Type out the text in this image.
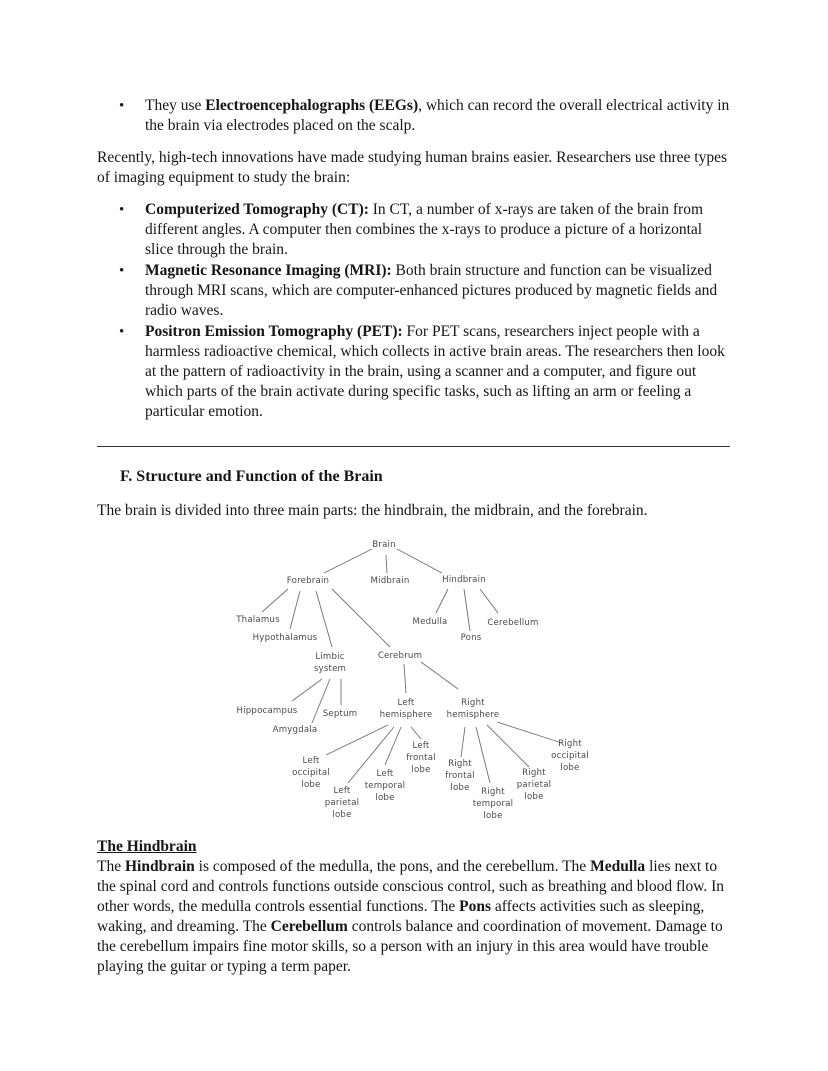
• They use Electroencephalographs (EEGs), which can record the overall electrical activity in the brain via electrodes placed on the scalp.

Recently, high-tech innovations have made studying human brains easier. Researchers use three types of imaging equipment to study the brain:

• Computerized Tomography (CT): In CT, a number of x-rays are taken of the brain from different angles. A computer then combines the x-rays to produce a picture of a horizontal slice through the brain.
• Magnetic Resonance Imaging (MRI): Both brain structure and function can be visualized through MRI scans, which are computer-enhanced pictures produced by magnetic fields and radio waves.
• Positron Emission Tomography (PET): For PET scans, researchers inject people with a harmless radioactive chemical, which collects in active brain areas. The researchers then look at the pattern of radioactivity in the brain, using a scanner and a computer, and figure out which parts of the brain activate during specific tasks, such as lifting an arm or feeling a particular emotion.
F. Structure and Function of the Brain

The brain is divided into three main parts: the hindbrain, the midbrain, and the forebrain.

Brain
Forebrain	Midbrain	Hindbrain
Thalamus
Hypothalamus
Medulla
Pons
Cerebellum
Limbic system
Cerebrum
Hippocampus	Septum
Amygdala
Left hemisphere
Right hemisphere
Left occipital lobe
Left parietal lobe
Left temporal lobe
Left frontal lobe
Right frontal lobe	Right temporal lobe
Right parietal lobe
Right occipital lobe
The Hindbrain

The Hindbrain is composed of the medulla, the pons, and the cerebellum. The Medulla lies next to the spinal cord and controls functions outside conscious control, such as breathing and blood flow. In other words, the medulla controls essential functions. The Pons affects activities such as sleeping, waking, and dreaming. The Cerebellum controls balance and coordination of movement. Damage to the cerebellum impairs fine motor skills, so a person with an injury in this area would have trouble playing the guitar or typing a term paper.
